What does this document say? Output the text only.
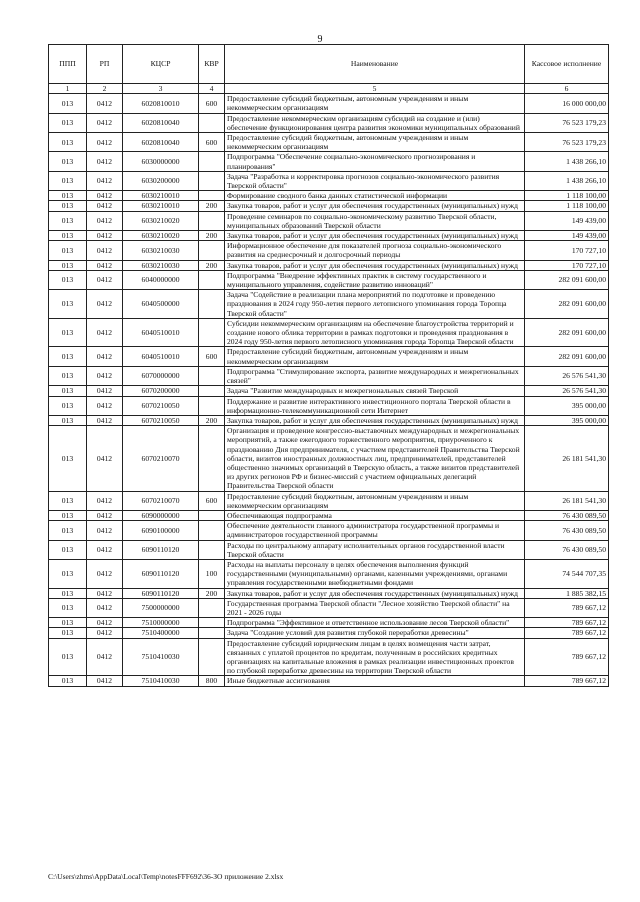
9
ППП	РП	КЦСР	КВР	Наименование	Кассовое исполнение
1	2	3	4	5	6
013	0412	6020810010	600	Предоставление субсидий бюджетным, автономным учреждениям и иным некоммерческим организациям	16 000 000,00
013	0412	6020810040		Предоставление некоммерческим организациям субсидий на создание и (или) обеспечение функционирования центра развития экономики муниципальных образований	76 523 179,23
013	0412	6020810040	600	Предоставление субсидий бюджетным, автономным учреждениям и иным некоммерческим организациям	76 523 179,23
013	0412	6030000000		Подпрограмма "Обеспечение социально-экономического прогнозирования и планирования"	1 438 266,10
013	0412	6030200000		Задача "Разработка и корректировка прогнозов социально-экономического развития Тверской области"	1 438 266,10
013	0412	6030210010		Формирование сводного банка данных статистической информации	1 118 100,00
013	0412	6030210010	200	Закупка товаров, работ и услуг для обеспечения государственных (муниципальных) нужд	1 118 100,00
013	0412	6030210020		Проведение семинаров по социально-экономическому развитию Тверской области, муниципальных образований Тверской области	149 439,00
013	0412	6030210020	200	Закупка товаров, работ и услуг для обеспечения государственных (муниципальных) нужд	149 439,00
013	0412	6030210030		Информационное обеспечение для показателей прогноза социально-экономического развития на среднесрочный и долгосрочный периоды	170 727,10
013	0412	6030210030	200	Закупка товаров, работ и услуг для обеспечения государственных (муниципальных) нужд	170 727,10
013	0412	6040000000		Подпрограмма "Внедрение эффективных практик в систему государственного и муниципального управления, содействие развитию инноваций"	282 091 600,00
013	0412	6040500000		Задача "Содействие в реализации плана мероприятий по подготовке и проведению празднования в 2024 году 950-летия первого летописного упоминания города Торопца Тверской области"	282 091 600,00
013	0412	6040510010		Субсидии некоммерческим организациям на обеспечение благоустройства территорий и создание нового облика территории в рамках подготовки и проведения празднования в 2024 году 950-летия первого летописного упоминания города Торопца Тверской области	282 091 600,00
013	0412	6040510010	600	Предоставление субсидий бюджетным, автономным учреждениям и иным некоммерческим организациям	282 091 600,00
013	0412	6070000000		Подпрограмма "Стимулирование экспорта, развитие международных и межрегиональных связей"	26 576 541,30
013	0412	6070200000		Задача "Развитие международных и межрегиональных связей Тверской	26 576 541,30
013	0412	6070210050		Поддержание и развитие интерактивного инвестиционного портала Тверской области в информационно-телекоммуникационной сети Интернет	395 000,00
013	0412	6070210050	200	Закупка товаров, работ и услуг для обеспечения государственных (муниципальных) нужд	395 000,00
013	0412	6070210070		Организация и проведение конгрессно-выставочных международных и межрегиональных мероприятий, а также ежегодного торжественного мероприятия, приуроченного к празднованию Дня предпринимателя, с участием представителей Правительства Тверской области, визитов иностранных должностных лиц, предпринимателей, представителей общественно значимых организаций в Тверскую область, а также визитов представителей из других регионов РФ и бизнес-миссий с участием официальных делегаций Правительства Тверской области	26 181 541,30
013	0412	6070210070	600	Предоставление субсидий бюджетным, автономным учреждениям и иным некоммерческим организациям	26 181 541,30
013	0412	6090000000		Обеспечивающая подпрограмма	76 430 089,50
013	0412	6090100000		Обеспечение деятельности главного администратора государственной программы и администраторов государственной программы	76 430 089,50
013	0412	6090110120		Расходы по центральному аппарату исполнительных органов государственной власти Тверской области	76 430 089,50
013	0412	6090110120	100	Расходы на выплаты персоналу в целях обеспечения выполнения функций государственными (муниципальными) органами, казенными учреждениями, органами управления государственными внебюджетными фондами	74 544 707,35
013	0412	6090110120	200	Закупка товаров, работ и услуг для обеспечения государственных (муниципальных) нужд	1 885 382,15
013	0412	7500000000		Государственная программа Тверской области "Лесное хозяйство Тверской области" на 2021 - 2026 годы	789 667,12
013	0412	7510000000		Подпрограмма "Эффективное и ответственное использование лесов Тверской области"	789 667,12
013	0412	7510400000		Задача "Создание условий для развития глубокой переработки древесины"	789 667,12
013	0412	7510410030		Предоставление субсидий юридическим лицам в целях возмещения части затрат, связанных с уплатой процентов по кредитам, полученным в российских кредитных организациях на капитальные вложения в рамках реализации инвестиционных проектов по глубокой переработке древесины на территории Тверской области	789 667,12
013	0412	7510410030	800	Иные бюджетные ассигнования	789 667,12
C:\Users\zhms\AppData\Local\Temp\notesFFF692\36-ЗО приложение 2.xlsx
